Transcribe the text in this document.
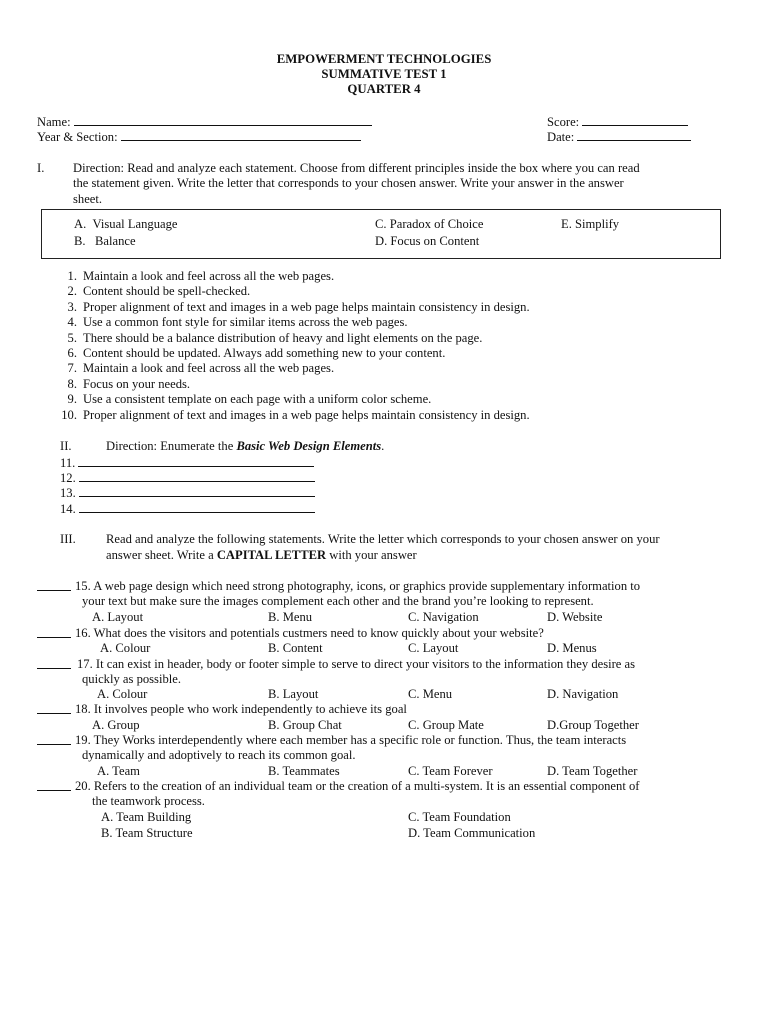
EMPOWERMENT TECHNOLOGIES
SUMMATIVE TEST 1
QUARTER 4
Name:
Year & Section:
Score:
Date:
I. Direction: Read and analyze each statement. Choose from different principles inside the box where you can read
the statement given. Write the letter that corresponds to your chosen answer. Write your answer in the answer
sheet.
A. Visual Language
B. Balance
C. Paradox of Choice
D. Focus on Content
E. Simplify
1. Maintain a look and feel across all the web pages.
2. Content should be spell-checked.
3. Proper alignment of text and images in a web page helps maintain consistency in design.
4. Use a common font style for similar items across the web pages.
5. There should be a balance distribution of heavy and light elements on the page.
6. Content should be updated. Always add something new to your content.
7. Maintain a look and feel across all the web pages.
8. Focus on your needs.
9. Use a consistent template on each page with a uniform color scheme.
10. Proper alignment of text and images in a web page helps maintain consistency in design.
II.	Direction: Enumerate the Basic Web Design Elements.
11.
12.
13.
14.
III. Read and analyze the following statements. Write the letter which corresponds to your chosen answer on your
answer sheet. Write a CAPITAL LETTER with your answer
15. A web page design which need strong photography, icons, or graphics provide supplementary information to
your text but make sure the images complement each other and the brand you’re looking to represent.
A. Layout	B. Menu	C. Navigation	D. Website
16. What does the visitors and potentials custmers need to know quickly about your website?
A. Colour	B. Content	C. Layout	D. Menus
17. It can exist in header, body or footer simple to serve to direct your visitors to the information they desire as
quickly as possible.
A. Colour	B. Layout	C. Menu	D. Navigation
18. It involves people who work independently to achieve its goal
A. Group	B. Group Chat	C. Group Mate	D.Group Together
19. They Works interdependently where each member has a specific role or function. Thus, the team interacts
dynamically and adoptively to reach its common goal.
A. Team	B. Teammates	C. Team Forever	D. Team Together
20. Refers to the creation of an individual team or the creation of a multi-system. It is an essential component of
the teamwork process.
A. Team Building
B. Team Structure
C. Team Foundation
D. Team Communication
